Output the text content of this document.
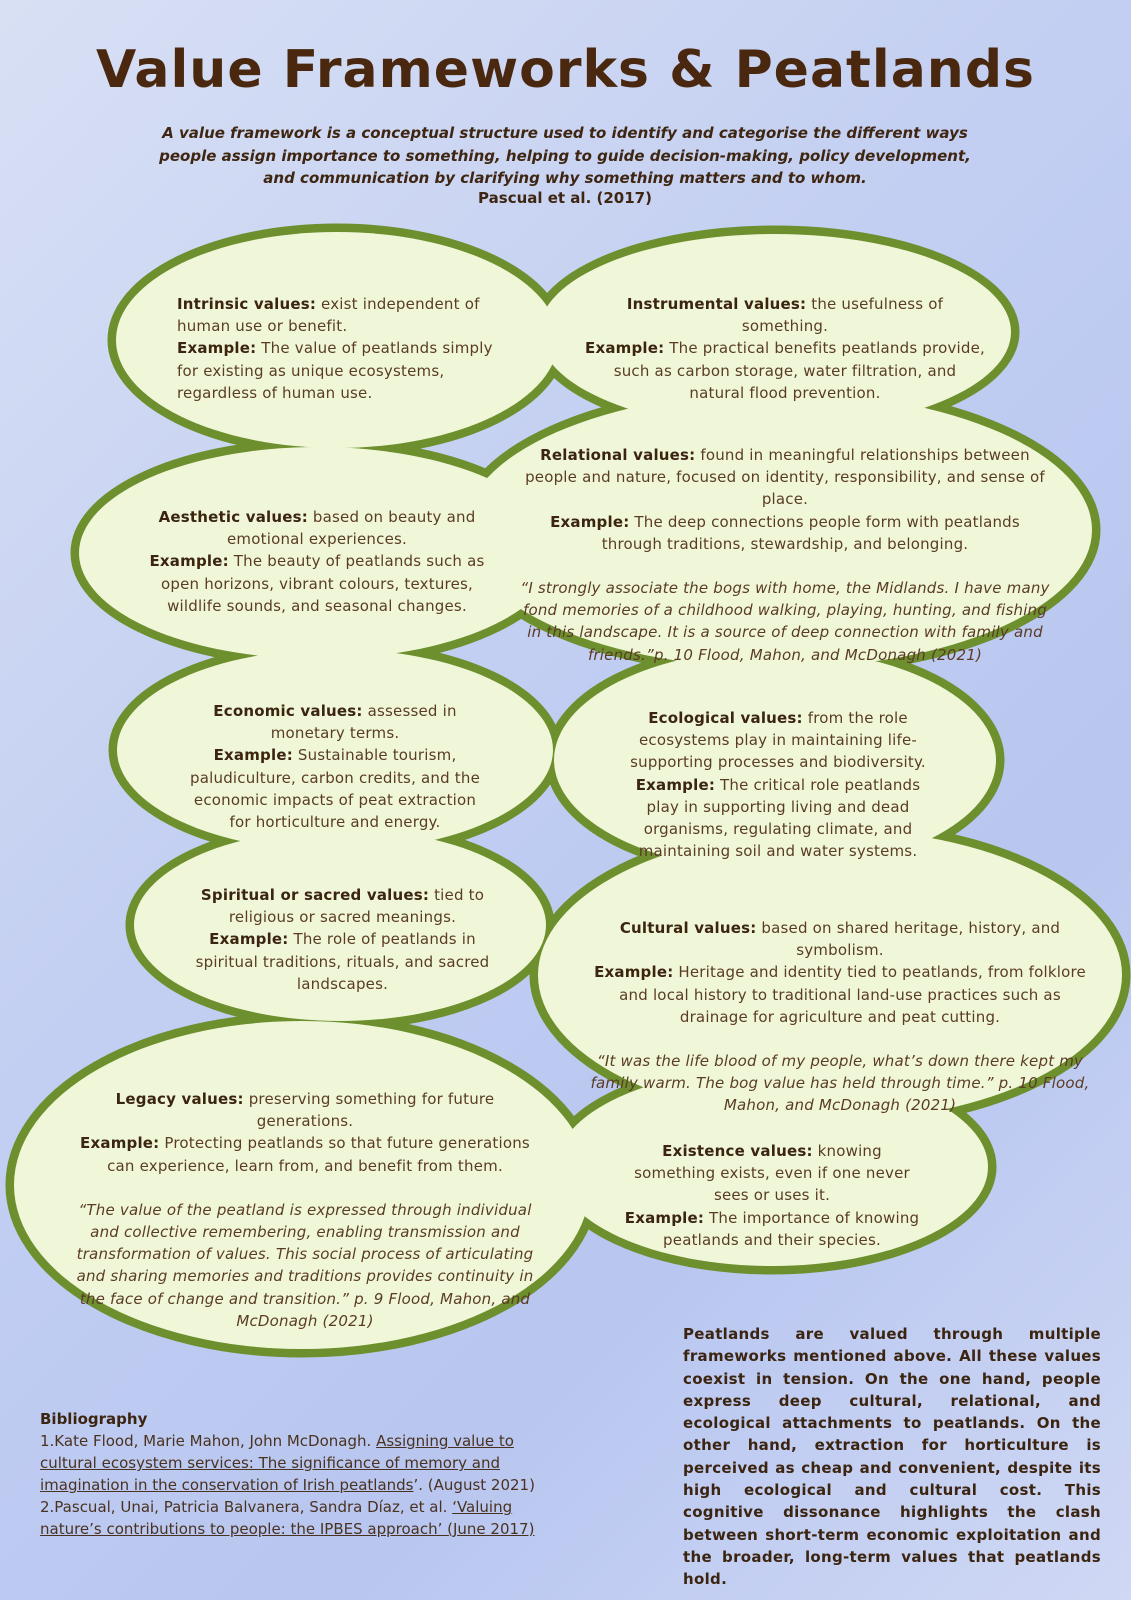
Value Frameworks & Peatlands
A value framework is a conceptual structure used to identify and categorise the different ways people assign importance to something, helping to guide decision-making, policy development, and communication by clarifying why something matters and to whom.
Pascual et al. (2017)
Intrinsic values: exist independent of human use or benefit.
Example: The value of peatlands simply for existing as unique ecosystems, regardless of human use.
Instrumental values: the usefulness of something.
Example: The practical benefits peatlands provide, such as carbon storage, water filtration, and natural flood prevention.
Relational values: found in meaningful relationships between people and nature, focused on identity, responsibility, and sense of place.
Example: The deep connections people form with peatlands through traditions, stewardship, and belonging.
“I strongly associate the bogs with home, the Midlands. I have many fond memories of a childhood walking, playing, hunting, and fishing in this landscape. It is a source of deep connection with family and friends.”p. 10 Flood, Mahon, and McDonagh (2021)
Aesthetic values: based on beauty and emotional experiences.
Example: The beauty of peatlands such as open horizons, vibrant colours, textures, wildlife sounds, and seasonal changes.
Economic values: assessed in monetary terms.
Example: Sustainable tourism, paludiculture, carbon credits, and the economic impacts of peat extraction for horticulture and energy.
Ecological values: from the role ecosystems play in maintaining life-supporting processes and biodiversity.
Example: The critical role peatlands play in supporting living and dead organisms, regulating climate, and maintaining soil and water systems.
Spiritual or sacred values: tied to religious or sacred meanings.
Example: The role of peatlands in spiritual traditions, rituals, and sacred landscapes.
Cultural values: based on shared heritage, history, and symbolism.
Example: Heritage and identity tied to peatlands, from folklore and local history to traditional land-use practices such as drainage for agriculture and peat cutting.
“It was the life blood of my people, what’s down there kept my family warm. The bog value has held through time.” p. 10 Flood, Mahon, and McDonagh (2021)
Legacy values: preserving something for future generations.
Example: Protecting peatlands so that future generations can experience, learn from, and benefit from them.
“The value of the peatland is expressed through individual and collective remembering, enabling transmission and transformation of values. This social process of articulating and sharing memories and traditions provides continuity in the face of change and transition.” p. 9 Flood, Mahon, and McDonagh (2021)
Existence values: knowing something exists, even if one never sees or uses it.
Example: The importance of knowing peatlands and their species.
Peatlands are valued through multiple frameworks mentioned above. All these values coexist in tension. On the one hand, people express deep cultural, relational, and ecological attachments to peatlands. On the other hand, extraction for horticulture is perceived as cheap and convenient, despite its high ecological and cultural cost. This cognitive dissonance highlights the clash between short-term economic exploitation and the broader, long-term values that peatlands hold.
Bibliography
1.Kate Flood, Marie Mahon, John McDonagh. Assigning value to cultural ecosystem services: The significance of memory and imagination in the conservation of Irish peatlands’. (August 2021)
2.Pascual, Unai, Patricia Balvanera, Sandra Díaz, et al. ‘Valuing nature’s contributions to people: the IPBES approach’ (June 2017)
